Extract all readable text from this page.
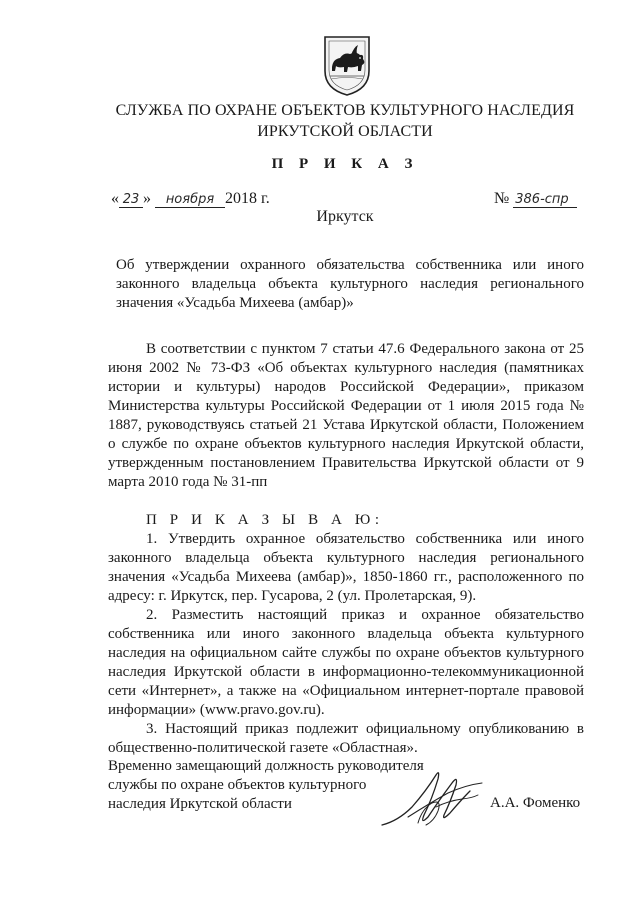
СЛУЖБА ПО ОХРАНЕ ОБЪЕКТОВ КУЛЬТУРНОГО НАСЛЕДИЯ
ИРКУТСКОЙ ОБЛАСТИ
П Р И К А З
« 23 » ноября 2018 г.	№ 386-спр
Иркутск
Об утверждении охранного обязательства собственника или иного законного владельца объекта культурного наследия регионального значения «Усадьба Михеева (амбар)»

В соответствии с пунктом 7 статьи 47.6 Федерального закона от 25 июня 2002 № 73-ФЗ «Об объектах культурного наследия (памятниках истории и культуры) народов Российской Федерации», приказом Министерства культуры Российской Федерации от 1 июля 2015 года № 1887, руководствуясь статьей 21 Устава Иркутской области, Положением о службе по охране объектов культурного наследия Иркутской области, утвержденным постановлением Правительства Иркутской области от 9 марта 2010 года № 31-пп

П Р И К А З Ы В А Ю:

1. Утвердить охранное обязательство собственника или иного законного владельца объекта культурного наследия регионального значения «Усадьба Михеева (амбар)», 1850-1860 гг., расположенного по адресу: г. Иркутск, пер. Гусарова, 2 (ул. Пролетарская, 9).

2. Разместить настоящий приказ и охранное обязательство собственника или иного законного владельца объекта культурного наследия на официальном сайте службы по охране объектов культурного наследия Иркутской области в информационно-телекоммуникационной сети «Интернет», а также на «Официальном интернет-портале правовой информации» (www.pravo.gov.ru).

3. Настоящий приказ подлежит официальному опубликованию в общественно-политической газете «Областная».

Временно замещающий должность руководителя
службы по охране объектов культурного
наследия Иркутской области	А.А. Фоменко
